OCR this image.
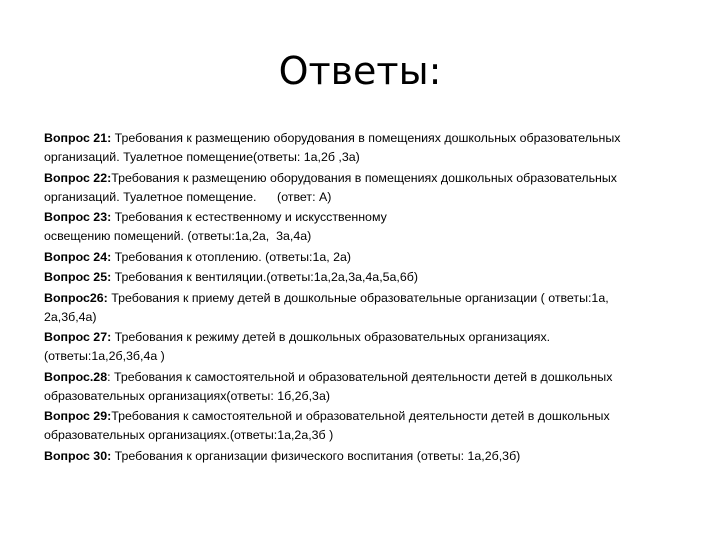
Ответы:
Вопрос 21: Требования к размещению оборудования в помещениях дошкольных образовательных
организаций. Туалетное помещение(ответы: 1а,2б ,3а)
Вопрос 22:Требования к размещению оборудования в помещениях дошкольных образовательных
организаций. Туалетное помещение.      (ответ: А)
Вопрос 23: Требования к естественному и искусственному
освещению помещений. (ответы:1а,2а,  3а,4а)
Вопрос 24: Требования к отоплению. (ответы:1а, 2а)
Вопрос 25: Требования к вентиляции.(ответы:1а,2а,3а,4а,5а,6б)
Вопрос26: Требования к приему детей в дошкольные образовательные организации ( ответы:1а,
2а,3б,4а)
Вопрос 27: Требования к режиму детей в дошкольных образовательных организациях.
(ответы:1а,2б,3б,4а )
Вопрос.28: Требования к самостоятельной и образовательной деятельности детей в дошкольных
образовательных организациях(ответы: 1б,2б,3а)
Вопрос 29:Требования к самостоятельной и образовательной деятельности детей в дошкольных
образовательных организациях.(ответы:1а,2а,3б )
Вопрос 30: Требования к организации физического воспитания (ответы: 1а,2б,3б)
